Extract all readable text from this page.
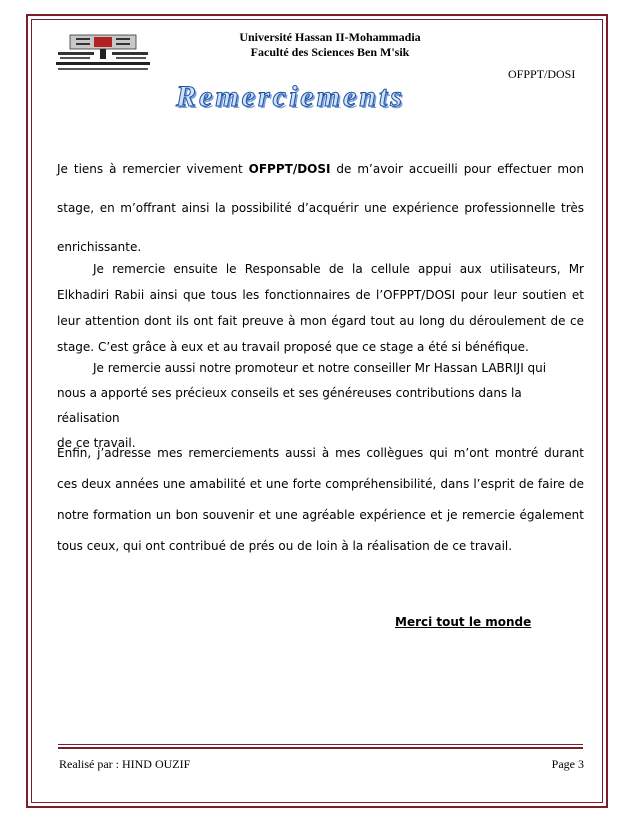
Université Hassan II-Mohammadia
Faculté des Sciences Ben M'sik
OFPPT/DOSI
Remerciements

Je tiens à remercier vivement OFPPT/DOSI de m’avoir accueilli pour effectuer mon stage, en m’offrant ainsi la possibilité d’acquérir une expérience professionnelle très enrichissante.

Je remercie ensuite le Responsable de la cellule appui aux utilisateurs, Mr Elkhadiri Rabii ainsi que tous les fonctionnaires de l’OFPPT/DOSI pour leur soutien et leur attention dont ils ont fait preuve à mon égard tout au long du déroulement de ce stage. C’est grâce à eux et au travail proposé que ce stage a été si bénéfique.

Je remercie aussi notre promoteur et notre conseiller Mr Hassan LABRIJI qui
nous a apporté ses précieux conseils et ses généreuses contributions dans la réalisation
de ce travail.

Enfin, j’adresse mes remerciements aussi à mes collègues qui m’ont montré durant ces deux années une amabilité et une forte compréhensibilité, dans l’esprit de faire de notre formation un bon souvenir et une agréable expérience et je remercie également tous ceux, qui ont contribué de prés ou de loin à la réalisation de ce travail.

Merci tout le monde
Realisé par : HIND OUZIF	Page 3
